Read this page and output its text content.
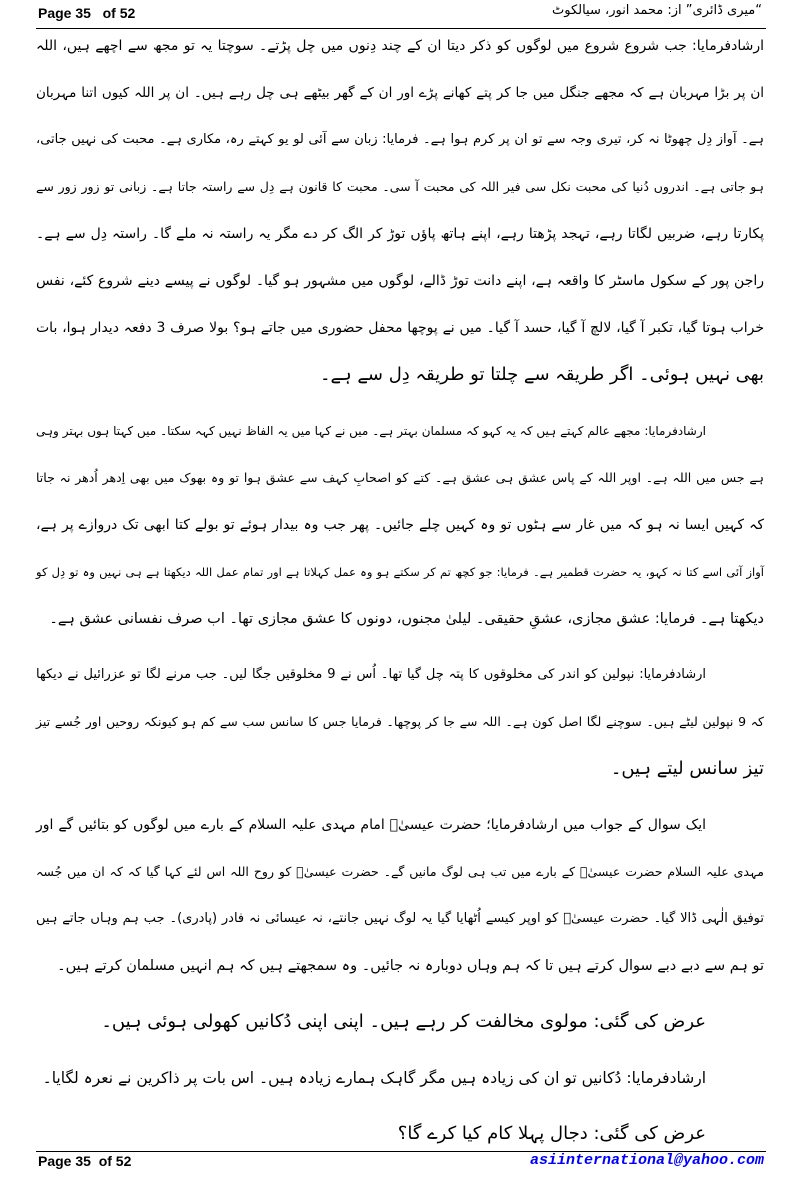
Page 35   of 52	“میری ڈائری” از: محمد انور، سیالکوٹ
ارشادفرمایا: جب شروع شروع میں لوگوں کو ذکر دیتا ان کے چند دِنوں میں چل پڑتے۔ سوچتا یہ تو مجھ سے اچھے ہیں، اللہ
ان پر بڑا مہربان ہے کہ مجھے جنگل میں جا کر پتے کھانے پڑے اور ان کے گھر بیٹھے ہی چل رہے ہیں۔ ان پر اللہ کیوں اتنا مہربان
ہے۔ آواز دِل چھوٹا نہ کر، تیری وجہ سے تو ان پر کرم ہوا ہے۔ فرمایا: زبان سے آئی لو یو کہتے رہ، مکاری ہے۔ محبت کی نہیں جاتی،
ہو جاتی ہے۔ اندروں دُنیا کی محبت نکل سی فیر اللہ کی محبت آ سی۔ محبت کا قانون ہے دِل سے راستہ جاتا ہے۔ زبانی تو زور زور سے
پکارتا رہے، ضربیں لگاتا رہے، تہجد پڑھتا رہے، اپنے ہاتھ پاؤں توڑ کر الگ کر دے مگر یہ راستہ نہ ملے گا۔ راستہ دِل سے ہے۔
راجن پور کے سکول ماسٹر کا واقعہ ہے، اپنے دانت توڑ ڈالے، لوگوں میں مشہور ہو گیا۔ لوگوں نے پیسے دینے شروع کئے، نفس
خراب ہوتا گیا، تکبر آ گیا، لالچ آ گیا، حسد آ گیا۔ میں نے پوچھا محفل حضوری میں جاتے ہو؟ بولا صرف 3 دفعہ دیدار ہوا، بات
بھی نہیں ہوئی۔ اگر طریقہ سے چلتا تو طریقہ دِل سے ہے۔
ارشادفرمایا: مجھے عالم کہتے ہیں کہ یہ کہو کہ مسلمان بہتر ہے۔ میں نے کہا میں یہ الفاظ نہیں کہہ سکتا۔ میں کہتا ہوں بہتر وہی
ہے جس میں اللہ ہے۔ اوپر اللہ کے پاس عشق ہی عشق ہے۔ کتے کو اصحابِ کہف سے عشق ہوا تو وہ بھوک میں بھی اِدھر اُدھر نہ جاتا
کہ کہیں ایسا نہ ہو کہ میں غار سے ہٹوں تو وہ کہیں چلے جائیں۔ پھر جب وہ بیدار ہوئے تو بولے کتا ابھی تک دروازے پر ہے،
آواز آئی اسے کتا نہ کہو، یہ حضرت قطمیر ہے۔ فرمایا: جو کچھ تم کر سکتے ہو وہ عمل کہلاتا ہے اور تمام عمل اللہ دیکھتا ہے ہی نہیں وہ تو دِل کو
دیکھتا ہے۔ فرمایا: عشق مجازی، عشقِ حقیقی۔ لیلیٰ مجنوں، دونوں کا عشق مجازی تھا۔ اب صرف نفسانی عشق ہے۔
ارشادفرمایا: نپولین کو اندر کی مخلوقوں کا پتہ چل گیا تھا۔ اُس نے 9 مخلوقیں جگا لیں۔ جب مرنے لگا تو عزرائیل نے دیکھا
کہ 9 نپولین لیٹے ہیں۔ سوچنے لگا اصل کون ہے۔ اللہ سے جا کر پوچھا۔ فرمایا جس کا سانس سب سے کم ہو کیونکہ روحیں اور جُسے تیز
تیز سانس لیتے ہیں۔
ایک سوال کے جواب میں ارشادفرمایا؛ حضرت عیسیٰؑ امام مہدی علیہ السلام کے بارے میں لوگوں کو بتائیں گے اور
مہدی علیہ السلام حضرت عیسیٰؑ کے بارے میں تب ہی لوگ مانیں گے۔ حضرت عیسیٰؑ کو روح اللہ اس لئے کہا گیا کہ کہ ان میں جُسہ
توفیق الٰہی ڈالا گیا۔ حضرت عیسیٰؑ کو اوپر کیسے اُٹھایا گیا یہ لوگ نہیں جانتے، نہ عیسائی نہ فادر (پادری)۔ جب ہم وہاں جاتے ہیں
تو ہم سے دبے دبے سوال کرتے ہیں تا کہ ہم وہاں دوبارہ نہ جائیں۔ وہ سمجھتے ہیں کہ ہم انہیں مسلمان کرتے ہیں۔
عرض کی گئی: مولوی مخالفت کر رہے ہیں۔ اپنی اپنی دُکانیں کھولی ہوئی ہیں۔
ارشادفرمایا: دُکانیں تو ان کی زیادہ ہیں مگر گاہک ہمارے زیادہ ہیں۔ اس بات پر ذاکرین نے نعرہ لگایا۔
عرض کی گئی: دجال پہلا کام کیا کرے گا؟
Page 35  of 52	asiinternational@yahoo.com
